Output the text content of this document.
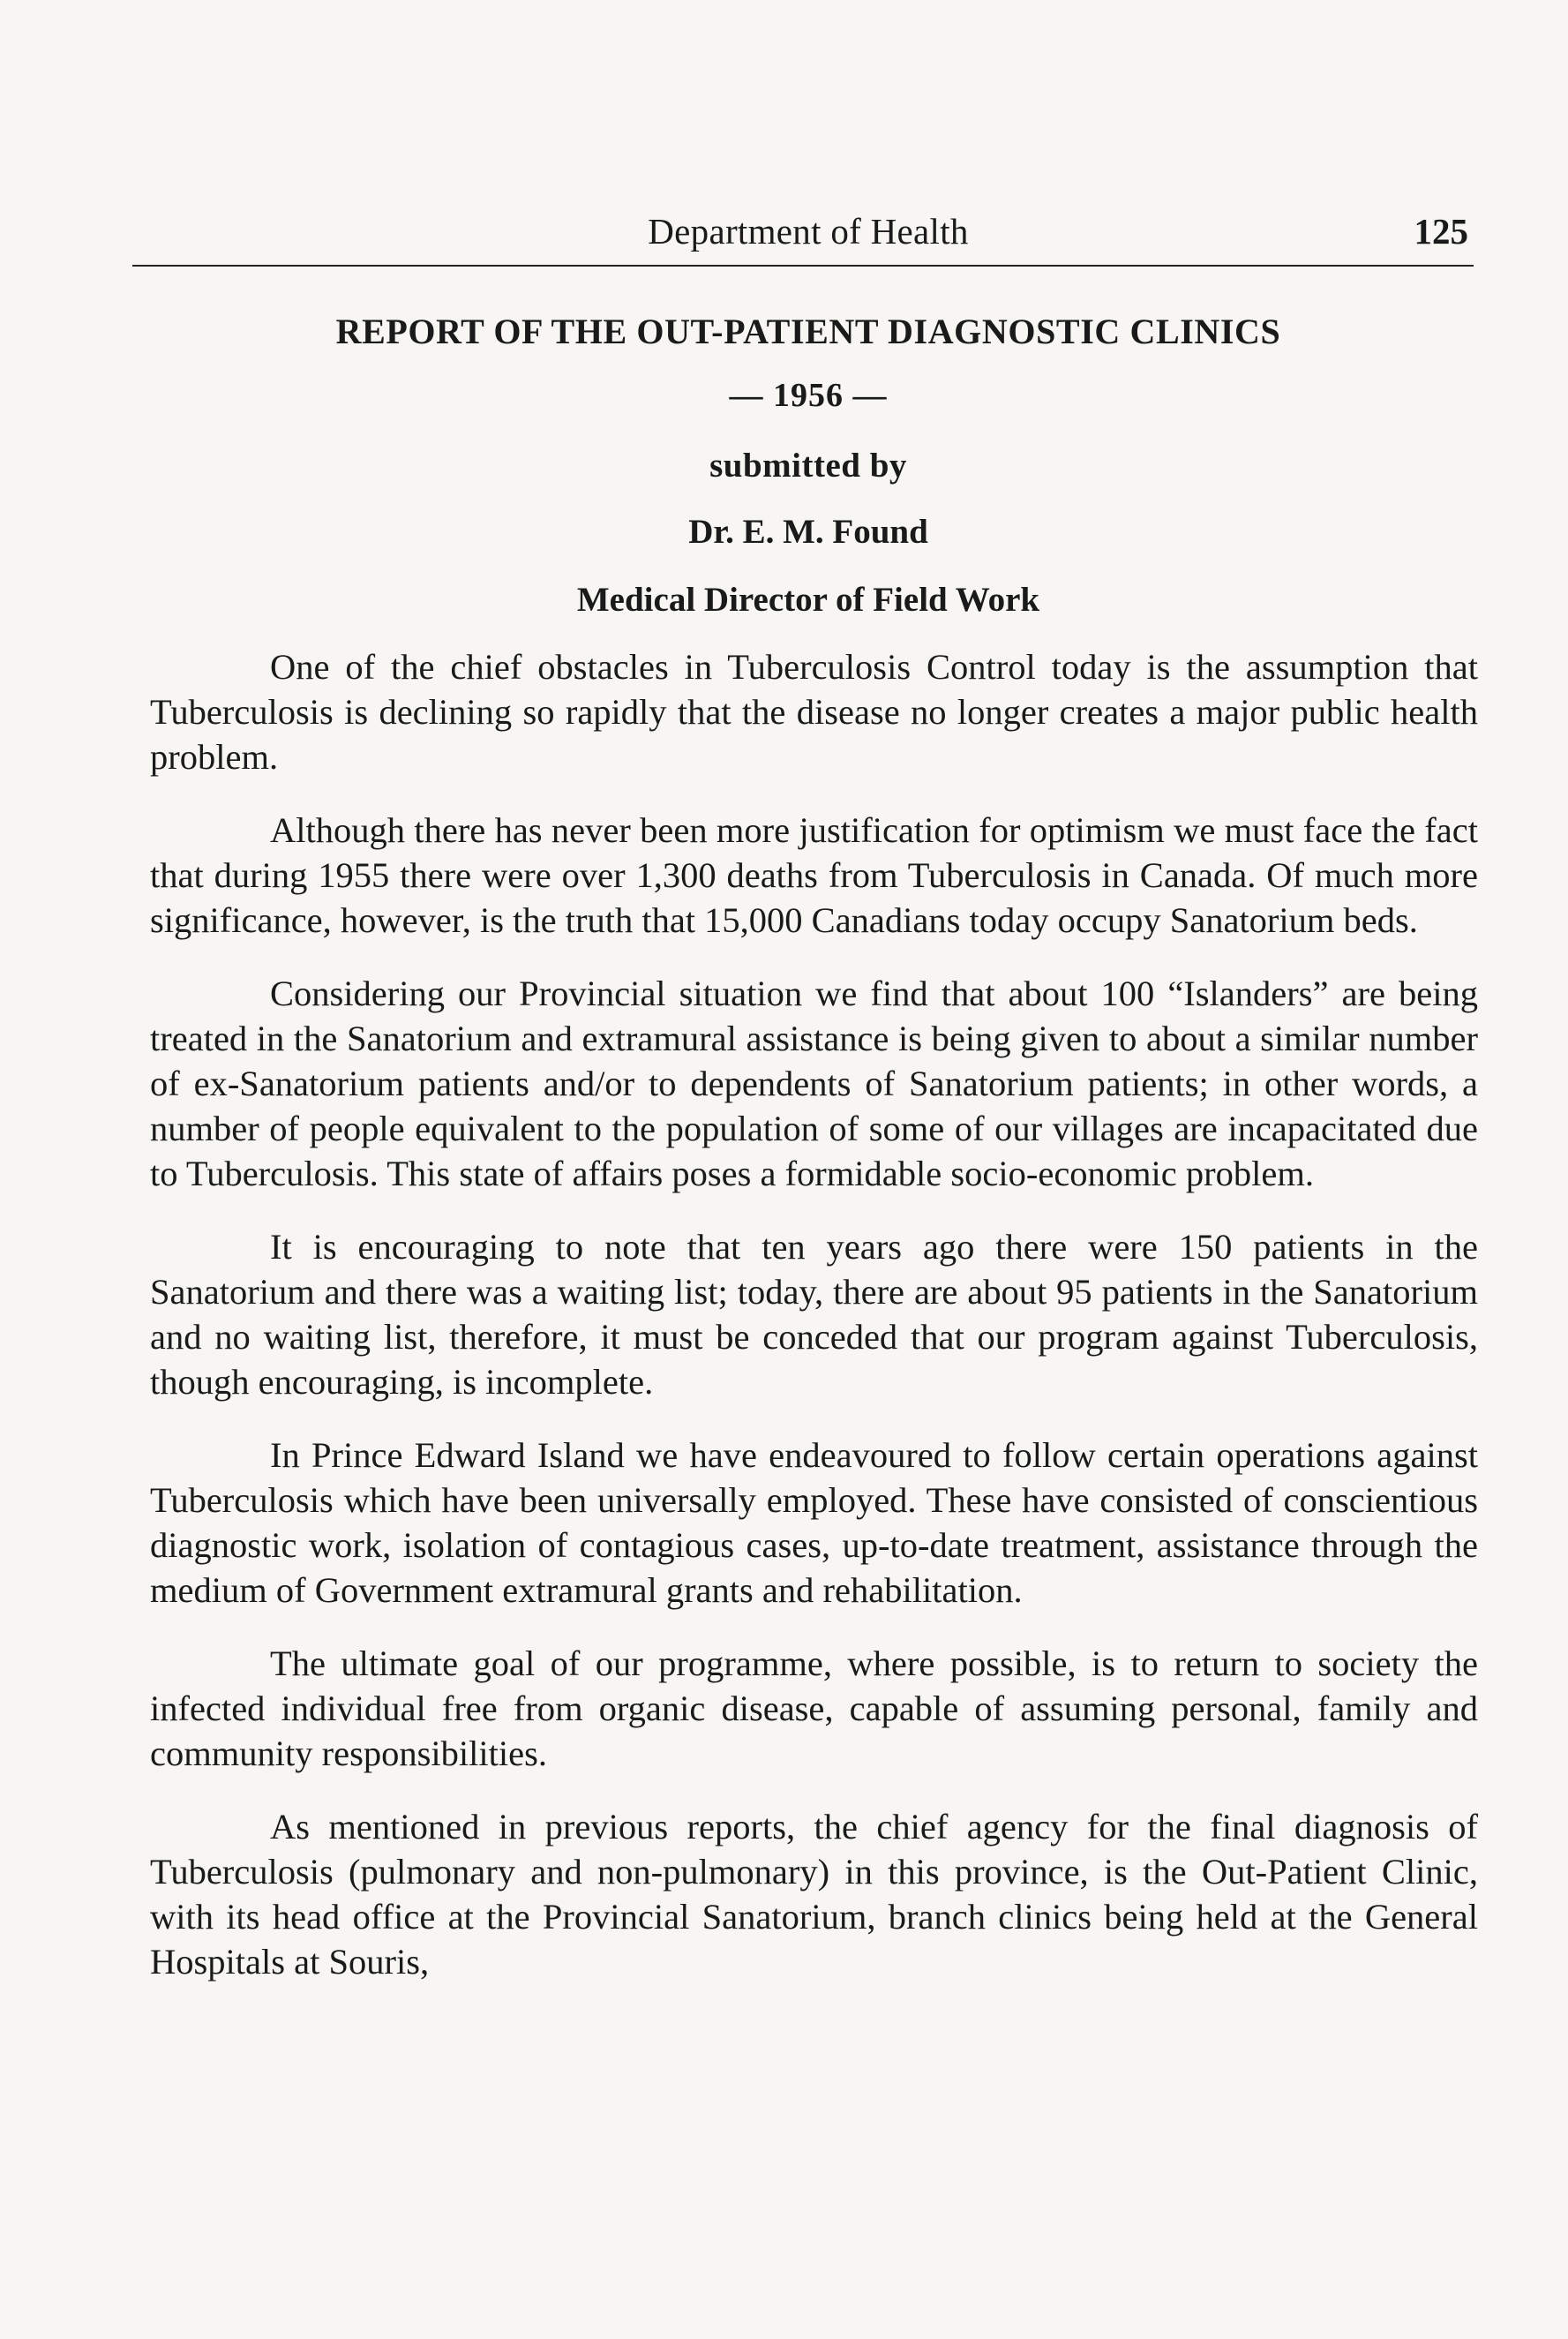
Department of Health	125
REPORT OF THE OUT-PATIENT DIAGNOSTIC CLINICS
— 1956 —
submitted by
Dr. E. M. Found
Medical Director of Field Work

One of the chief obstacles in Tuberculosis Control today is the assumption that Tuberculosis is declining so rapidly that the disease no longer creates a major public health problem.

Although there has never been more justification for optimism we must face the fact that during 1955 there were over 1,300 deaths from Tuberculosis in Canada. Of much more significance, however, is the truth that 15,000 Canadians today occupy Sanatorium beds.

Considering our Provincial situation we find that about 100 “Islanders” are being treated in the Sanatorium and extramural assistance is being given to about a similar number of ex-Sanatorium patients and/or to dependents of Sanatorium patients; in other words, a number of people equivalent to the population of some of our villages are incapacitated due to Tuberculosis. This state of affairs poses a formidable socio-economic problem.

It is encouraging to note that ten years ago there were 150 patients in the Sanatorium and there was a waiting list; today, there are about 95 patients in the Sanatorium and no waiting list, therefore, it must be conceded that our program against Tuberculosis, though encouraging, is incomplete.

In Prince Edward Island we have endeavoured to follow certain operations against Tuberculosis which have been universally employed. These have consisted of conscientious diagnostic work, isolation of contagious cases, up-to-date treatment, assistance through the medium of Government extramural grants and rehabilitation.

The ultimate goal of our programme, where possible, is to return to society the infected individual free from organic disease, capable of assuming personal, family and community responsibilities.

As mentioned in previous reports, the chief agency for the final diagnosis of Tuberculosis (pulmonary and non-pulmonary) in this province, is the Out-Patient Clinic, with its head office at the Provincial Sanatorium, branch clinics being held at the General Hospitals at Souris,
